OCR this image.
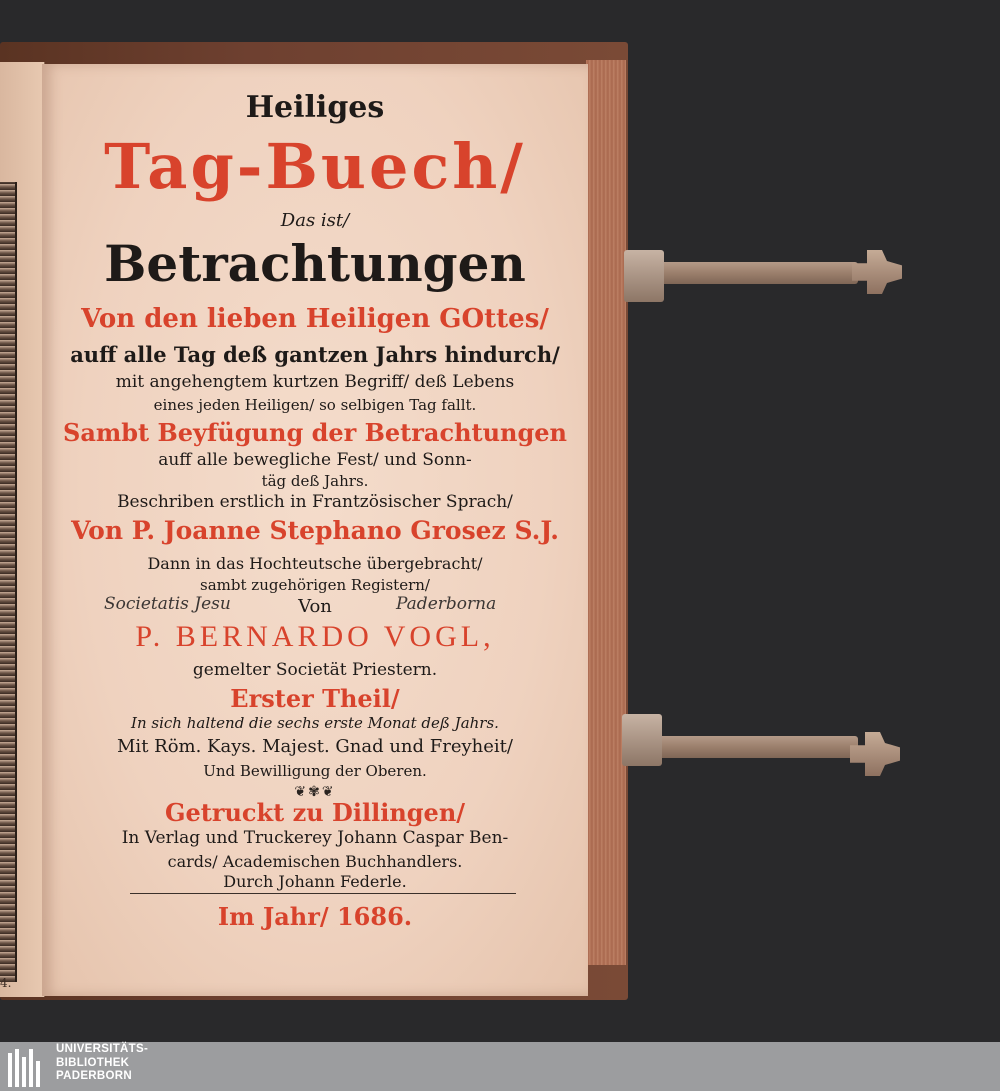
4.
Heiliges
Tag-Buech/
Das ist/
Betrachtungen
Von den lieben Heiligen GOttes/
auff alle Tag deß gantzen Jahrs hindurch/
mit angehengtem kurtzen Begriff/ deß Lebens
eines jeden Heiligen/ so selbigen Tag fallt.
Sambt Beyfügung der Betrachtungen
auff alle bewegliche Fest/ und Sonn-
täg deß Jahrs.
Beschriben erstlich in Frantzösischer Sprach/
Von P. Joanne Stephano Grosez S.J.
Dann in das Hochteutsche übergebracht/
sambt zugehörigen Registern/
Von
P. BERNARDO VOGL,
gemelter Societät Priestern.
Erster Theil/
In sich haltend die sechs erste Monat deß Jahrs.
Mit Röm. Kays. Majest. Gnad und Freyheit/
Und Bewilligung der Oberen.
❦✾❦
Getruckt zu Dillingen/
In Verlag und Truckerey Johann Caspar Ben-
cards/ Academischen Buchhandlers.
Durch Johann Federle.
Im Jahr/ 1686.
Societatis Jesu	Paderborna
UNIVERSITÄTS-
BIBLIOTHEK
PADERBORN
